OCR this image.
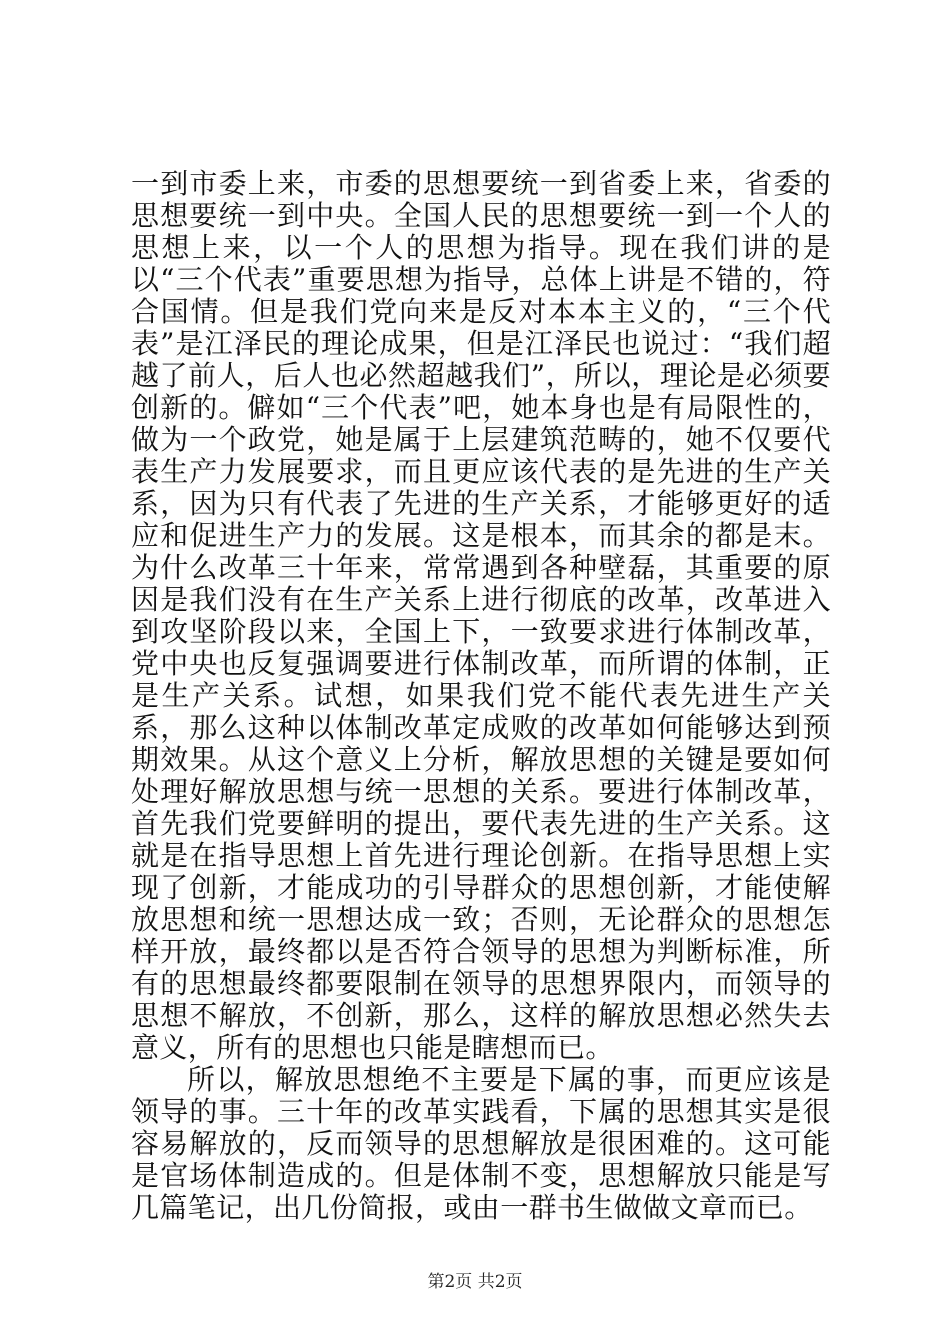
一到市委上来，市委的思想要统一到省委上来，省委的思想要统一到中央。全国人民的思想要统一到一个人的思想上来，以一个人的思想为指导。现在我们讲的是以“三个代表”重要思想为指导，总体上讲是不错的，符合国情。但是我们党向来是反对本本主义的，“三个代表”是江泽民的理论成果，但是江泽民也说过：“我们超越了前人，后人也必然超越我们”，所以，理论是必须要创新的。僻如“三个代表”吧，她本身也是有局限性的，做为一个政党，她是属于上层建筑范畴的，她不仅要代表生产力发展要求，而且更应该代表的是先进的生产关系，因为只有代表了先进的生产关系，才能够更好的适应和促进生产力的发展。这是根本，而其余的都是末。为什么改革三十年来，常常遇到各种壁磊，其重要的原因是我们没有在生产关系上进行彻底的改革，改革进入到攻坚阶段以来，全国上下，一致要求进行体制改革，党中央也反复强调要进行体制改革，而所谓的体制，正是生产关系。试想，如果我们党不能代表先进生产关系，那么这种以体制改革定成败的改革如何能够达到预期效果。从这个意义上分析，解放思想的关键是要如何处理好解放思想与统一思想的关系。要进行体制改革，首先我们党要鲜明的提出，要代表先进的生产关系。这就是在指导思想上首先进行理论创新。在指导思想上实现了创新，才能成功的引导群众的思想创新，才能使解放思想和统一思想达成一致；否则，无论群众的思想怎样开放，最终都以是否符合领导的思想为判断标准，所有的思想最终都要限制在领导的思想界限内，而领导的思想不解放，不创新，那么，这样的解放思想必然失去意义，所有的思想也只能是瞎想而已。

所以，解放思想绝不主要是下属的事，而更应该是领导的事。三十年的改革实践看，下属的思想其实是很容易解放的，反而领导的思想解放是很困难的。这可能是官场体制造成的。但是体制不变，思想解放只能是写几篇笔记，出几份简报，或由一群书生做做文章而已。

第2页 共2页
